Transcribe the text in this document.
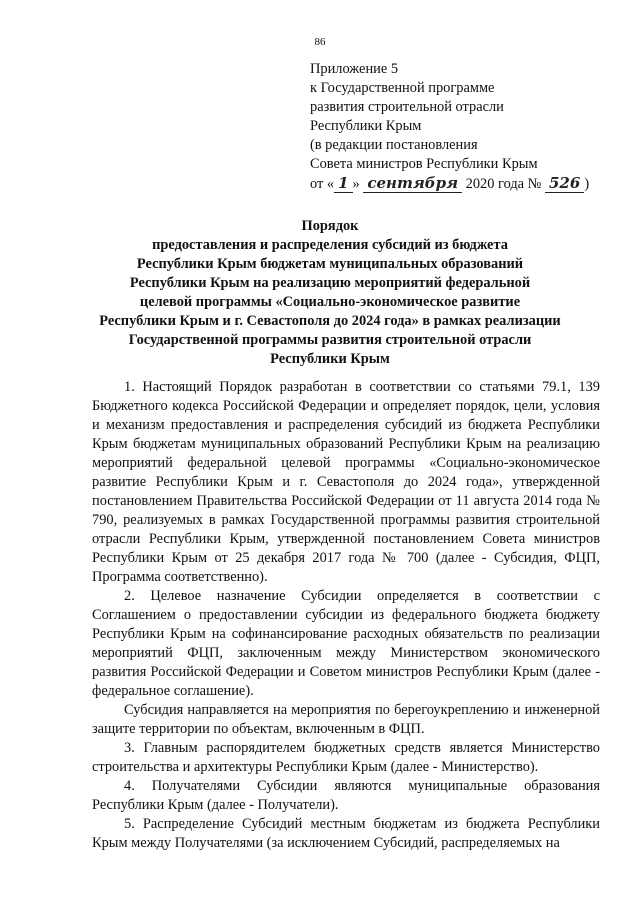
86
Приложение 5
к Государственной программе
развития строительной отрасли
Республики Крым
(в редакции постановления
Совета министров Республики Крым
от « 1 » сентября 2020 года № 526 )
Порядок
предоставления и распределения субсидий из бюджета
Республики Крым бюджетам муниципальных образований
Республики Крым на реализацию мероприятий федеральной
целевой программы «Социально-экономическое развитие
Республики Крым и г. Севастополя до 2024 года» в рамках реализации
Государственной программы развития строительной отрасли
Республики Крым

1. Настоящий Порядок разработан в соответствии со статьями 79.1, 139 Бюджетного кодекса Российской Федерации и определяет порядок, цели, условия и механизм предоставления и распределения субсидий из бюджета Республики Крым бюджетам муниципальных образований Республики Крым на реализацию мероприятий федеральной целевой программы «Социально-экономическое развитие Республики Крым и г. Севастополя до 2024 года», утвержденной постановлением Правительства Российской Федерации от 11 августа 2014 года № 790, реализуемых в рамках Государственной программы развития строительной отрасли Республики Крым, утвержденной постановлением Совета министров Республики Крым от 25 декабря 2017 года № 700 (далее - Субсидия, ФЦП, Программа соответственно).

2. Целевое назначение Субсидии определяется в соответствии с Соглашением о предоставлении субсидии из федерального бюджета бюджету Республики Крым на софинансирование расходных обязательств по реализации мероприятий ФЦП, заключенным между Министерством экономического развития Российской Федерации и Советом министров Республики Крым (далее - федеральное соглашение).

Субсидия направляется на мероприятия по берегоукреплению и инженерной защите территории по объектам, включенным в ФЦП.

3. Главным распорядителем бюджетных средств является Министерство строительства и архитектуры Республики Крым (далее - Министерство).

4. Получателями Субсидии являются муниципальные образования Республики Крым (далее - Получатели).

5. Распределение Субсидий местным бюджетам из бюджета Республики Крым между Получателями (за исключением Субсидий, распределяемых на
